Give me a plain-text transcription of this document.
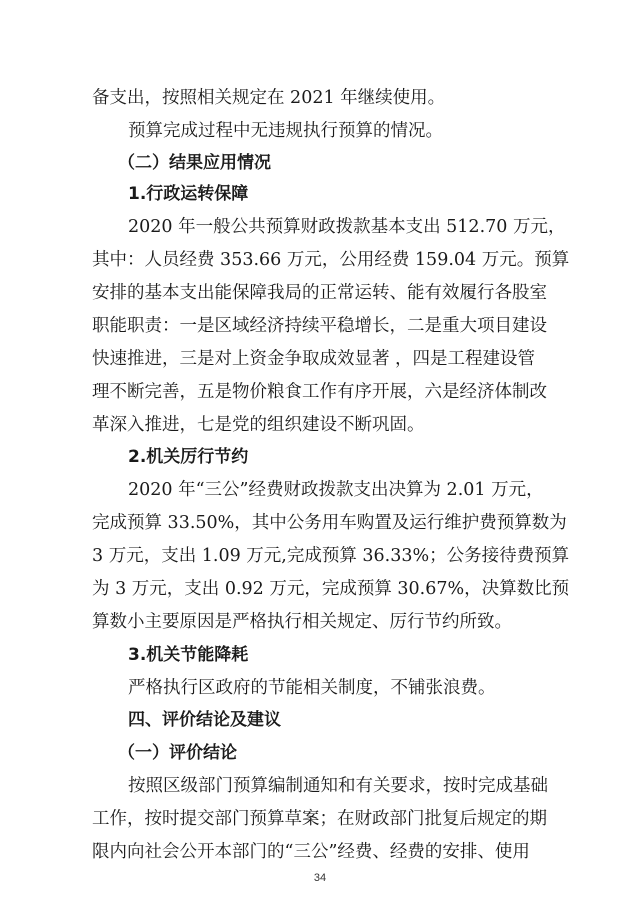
备支出，按照相关规定在 2021 年继续使用。
预算完成过程中无违规执行预算的情况。
（二）结果应用情况
1.行政运转保障
2020 年一般公共预算财政拨款基本支出 512.70 万元，
其中：人员经费 353.66 万元，公用经费 159.04 万元。预算
安排的基本支出能保障我局的正常运转、能有效履行各股室
职能职责：一是区域经济持续平稳增长，二是重大项目建设
快速推进，三是对上资金争取成效显著 ，四是工程建设管
理不断完善，五是物价粮食工作有序开展，六是经济体制改
革深入推进，七是党的组织建设不断巩固。
2.机关厉行节约
2020 年“三公”经费财政拨款支出决算为 2.01 万元，
完成预算 33.50%，其中公务用车购置及运行维护费预算数为
3 万元，支出 1.09 万元,完成预算 36.33%；公务接待费预算
为 3 万元，支出 0.92 万元，完成预算 30.67%，决算数比预
算数小主要原因是严格执行相关规定、厉行节约所致。
3.机关节能降耗
严格执行区政府的节能相关制度，不铺张浪费。
四、评价结论及建议
（一）评价结论
按照区级部门预算编制通知和有关要求，按时完成基础
工作，按时提交部门预算草案；在财政部门批复后规定的期
限内向社会公开本部门的“三公”经费、经费的安排、使用
34
